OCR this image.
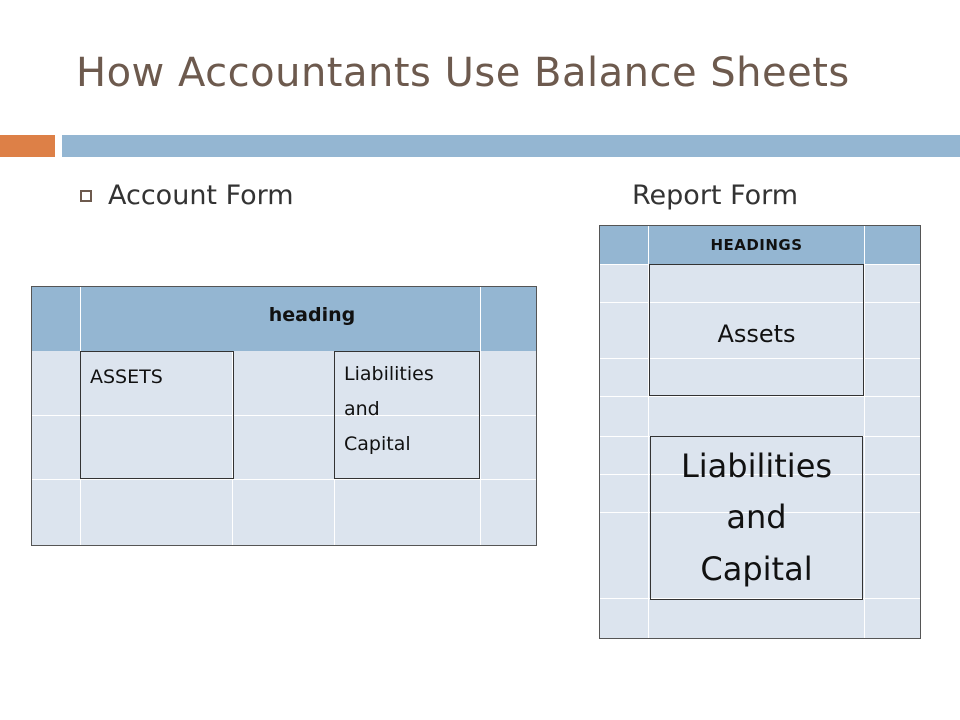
How Accountants Use Balance Sheets
Account Form	Report Form
heading
ASSETS	Liabilities
and
Capital
HEADINGS
Assets
Liabilities
and
Capital
